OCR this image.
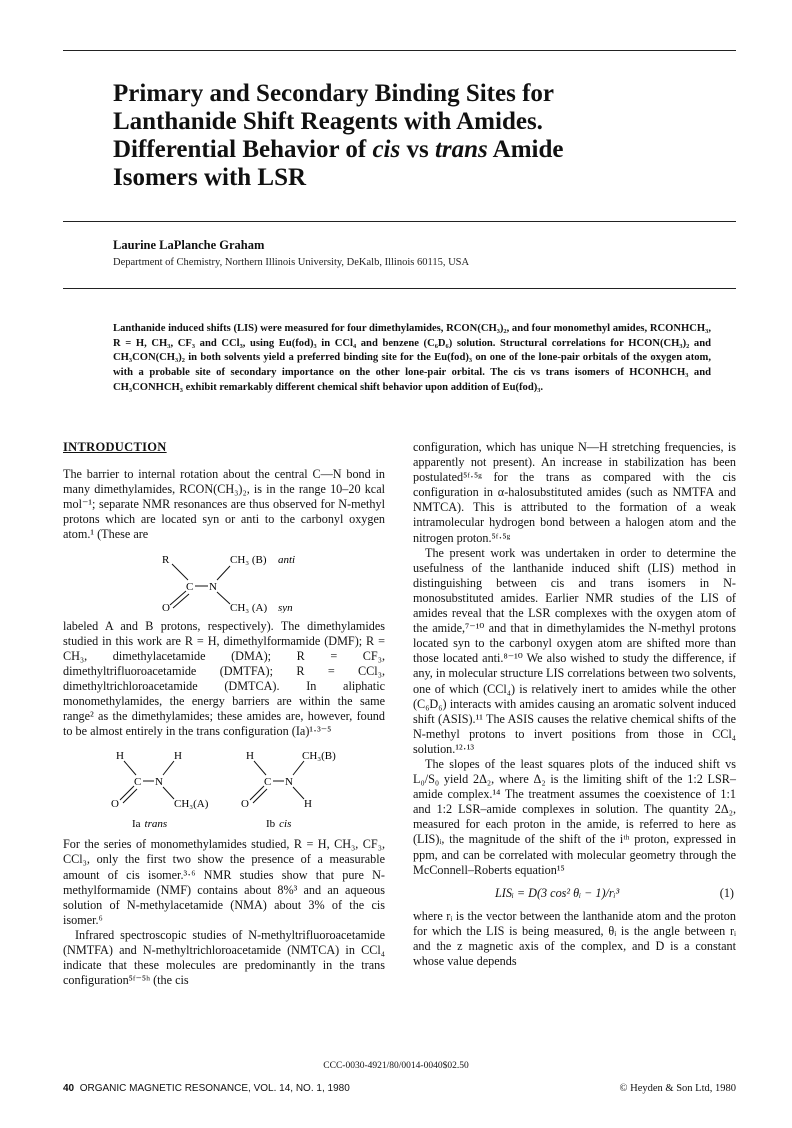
Primary and Secondary Binding Sites for
Lanthanide Shift Reagents with Amides.
Differential Behavior of cis vs trans Amide
Isomers with LSR
Laurine LaPlanche Graham
Department of Chemistry, Northern Illinois University, DeKalb, Illinois 60115, USA

Lanthanide induced shifts (LIS) were measured for four dimethylamides, RCON(CH₃)₂, and four monomethyl amides, RCONHCH₃, R = H, CH₃, CF₃ and CCl₃, using Eu(fod)₃ in CCl₄ and benzene (C₆D₆) solution. Structural correlations for HCON(CH₃)₂ and CH₃CON(CH₃)₂ in both solvents yield a preferred binding site for the Eu(fod)₃ on one of the lone-pair orbitals of the oxygen atom, with a probable site of secondary importance on the other lone-pair orbital. The cis vs trans isomers of HCONHCH₃ and CH₃CONHCH₃ exhibit remarkably different chemical shift behavior upon addition of Eu(fod)₃.

INTRODUCTION

The barrier to internal rotation about the central C—N bond in many dimethylamides, RCON(CH₃)₂, is in the range 10–20 kcal mol⁻¹; separate NMR resonances are thus observed for N-methyl protons which are located syn or anti to the carbonyl oxygen atom.¹ (These are

R
C N
O
CH₃ (B) anti
CH₃ (A) syn

labeled A and B protons, respectively). The dimethylamides studied in this work are R = H, dimethylformamide (DMF); R = CH₃, dimethylacetamide (DMA); R = CF₃, dimethyltrifluoroacetamide (DMTFA); R = CCl₃, dimethyltrichloroacetamide (DMTCA). In aliphatic monomethylamides, the energy barriers are within the same range² as the dimethylamides; these amides are, however, found to be almost entirely in the trans configuration (Ia)¹·³⁻⁵

H
C N
H
O	CH₃(A)
Ia trans
H
C N
CH₃(B)
O	H
Ib cis

For the series of monomethylamides studied, R = H, CH₃, CF₃, CCl₃, only the first two show the presence of a measurable amount of cis isomer.³·⁶ NMR studies show that pure N-methylformamide (NMF) contains about 8%³ and an aqueous solution of N-methylacetamide (NMA) about 3% of the cis isomer.⁶

Infrared spectroscopic studies of N-methyltrifluoroacetamide (NMTFA) and N-methyltrichloroacetamide (NMTCA) in CCl₄ indicate that these molecules are predominantly in the trans configuration⁵ᶠ⁻⁵ʰ (the cis

configuration, which has unique N—H stretching frequencies, is apparently not present). An increase in stabilization has been postulated⁵ᶠ·⁵ᵍ for the trans as compared with the cis configuration in α-halosubstituted amides (such as NMTFA and NMTCA). This is attributed to the formation of a weak intramolecular hydrogen bond between a halogen atom and the nitrogen proton.⁵ᶠ·⁵ᵍ

The present work was undertaken in order to determine the usefulness of the lanthanide induced shift (LIS) method in distinguishing between cis and trans isomers in N-monosubstituted amides. Earlier NMR studies of the LIS of amides reveal that the LSR complexes with the oxygen atom of the amide,⁷⁻¹⁰ and that in dimethylamides the N-methyl protons located syn to the carbonyl oxygen atom are shifted more than those located anti.⁸⁻¹⁰ We also wished to study the difference, if any, in molecular structure LIS correlations between two solvents, one of which (CCl₄) is relatively inert to amides while the other (C₆D₆) interacts with amides causing an aromatic solvent induced shift (ASIS).¹¹ The ASIS causes the relative chemical shifts of the N-methyl protons to invert positions from those in CCl₄ solution.¹²·¹³

The slopes of the least squares plots of the induced shift vs L₀/S₀ yield 2Δ₂, where Δ₂ is the limiting shift of the 1:2 LSR–amide complex.¹⁴ The treatment assumes the coexistence of 1:1 and 1:2 LSR–amide complexes in solution. The quantity 2Δ₂, measured for each proton in the amide, is referred to here as (LIS)ᵢ, the magnitude of the shift of the iᵗʰ proton, expressed in ppm, and can be correlated with molecular geometry through the McConnell–Roberts equation¹⁵

LISᵢ = D(3 cos² θᵢ − 1)/rᵢ³	(1)

where rᵢ is the vector between the lanthanide atom and the proton for which the LIS is being measured, θᵢ is the angle between rᵢ and the z magnetic axis of the complex, and D is a constant whose value depends

CCC-0030-4921/80/0014-0040$02.50
40 ORGANIC MAGNETIC RESONANCE, VOL. 14, NO. 1, 1980	© Heyden & Son Ltd, 1980
